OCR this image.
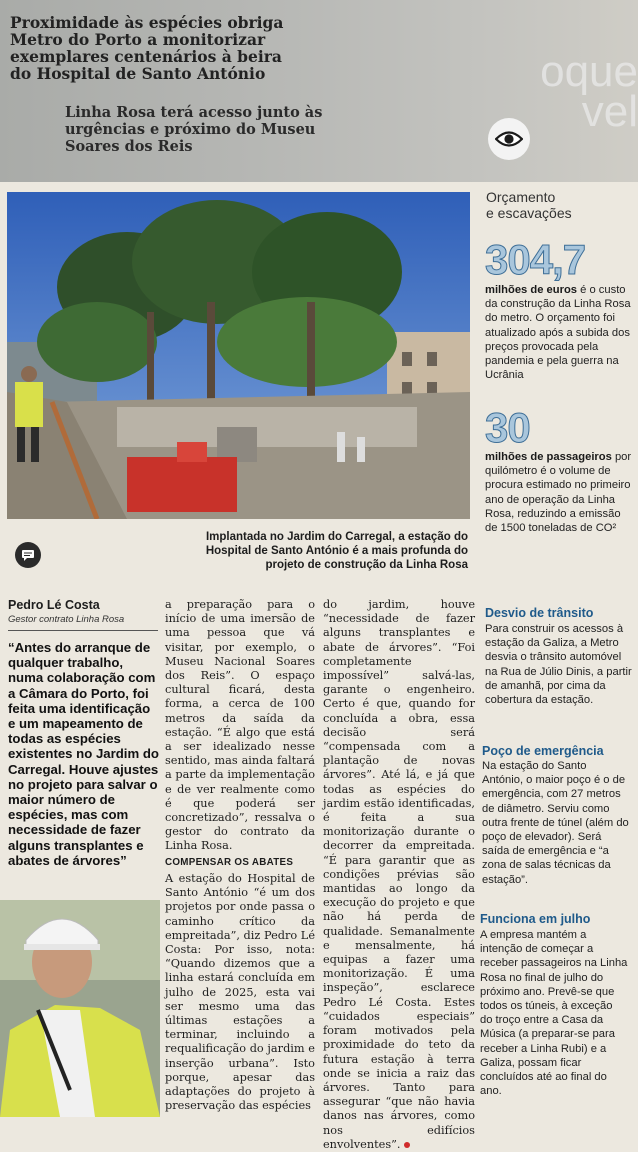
oque
vel
Proximidade às espécies obriga Metro do Porto a monitorizar exemplares centenários à beira do Hospital de Santo António
Linha Rosa terá acesso junto às urgências e próximo do Museu Soares dos Reis
Implantada no Jardim do Carregal, a estação do Hospital de Santo António é a mais profunda do projeto de construção da Linha Rosa
Orçamento
e escavações
304,7
milhões de euros é o custo da construção da Linha Rosa do metro. O orçamento foi atualizado após a subida dos preços provocada pela pandemia e pela guerra na Ucrânia
30
milhões de passageiros por quilómetro é o volume de procura estimado no primeiro ano de operação da Linha Rosa, reduzindo a emissão de 1500 toneladas de CO²
Desvio de trânsito
Para construir os acessos à estação da Galiza, a Metro desvia o trânsito automóvel na Rua de Júlio Dinis, a partir de amanhã, por cima da cobertura da estação.
Poço de emergência
Na estação do Santo António, o maior poço é o de emergência, com 27 metros de diâmetro. Serviu como outra frente de túnel (além do poço de elevador). Será saída de emergência e “a zona de salas técnicas da estação”.
Funciona em julho
A empresa mantém a intenção de começar a receber passageiros na Linha Rosa no final de julho do próximo ano. Prevê-se que todos os túneis, à exceção do troço entre a Casa da Música (a preparar-se para receber a Linha Rubi) e a Galiza, possam ficar concluídos até ao final do ano.
Pedro Lé Costa
Gestor contrato Linha Rosa
“Antes do arranque de qualquer trabalho, numa colaboração com a Câmara do Porto, foi feita uma identificação e um mapeamento de todas as espécies existentes no Jardim do Carregal. Houve ajustes no projeto para salvar o maior número de espécies, mas com necessidade de fazer alguns transplantes e abates de árvores”
a preparação para o início de uma imersão de uma pessoa que vá visitar, por exemplo, o Museu Nacional Soares dos Reis”. O espaço cultural ficará, desta forma, a cerca de 100 metros da saída da estação. “É algo que está a ser idealizado nesse sentido, mas ainda faltará a parte da implementação e de ver realmente como é que poderá ser concretizado”, ressalva o gestor do contrato da Linha Rosa.
COMPENSAR OS ABATES
A estação do Hospital de Santo António “é um dos projetos por onde passa o caminho crítico da empreitada”, diz Pedro Lé Costa: Por isso, nota: “Quando dizemos que a linha estará concluída em julho de 2025, esta vai ser mesmo uma das últimas estações a terminar, incluindo a requalificação do jardim e inserção urbana”. Isto porque, apesar das adaptações do projeto à preservação das espécies
do jardim, houve “necessidade de fazer alguns transplantes e abate de árvores”. “Foi completamente impossível” salvá-las, garante o engenheiro. Certo é que, quando for concluída a obra, essa decisão será “compensada com a plantação de novas árvores”. Até lá, e já que todas as espécies do jardim estão identificadas, é feita a sua monitorização durante o decorrer da empreitada. “É para garantir que as condições prévias são mantidas ao longo da execução do projeto e que não há perda de qualidade. Semanalmente e mensalmente, há equipas a fazer uma monitorização. É uma inspeção”, esclarece Pedro Lé Costa. Estes “cuidados especiais” foram motivados pela proximidade do teto da futura estação à terra onde se inicia a raiz das árvores. Tanto para assegurar “que não havia danos nas árvores, como nos edifícios envolventes”.
